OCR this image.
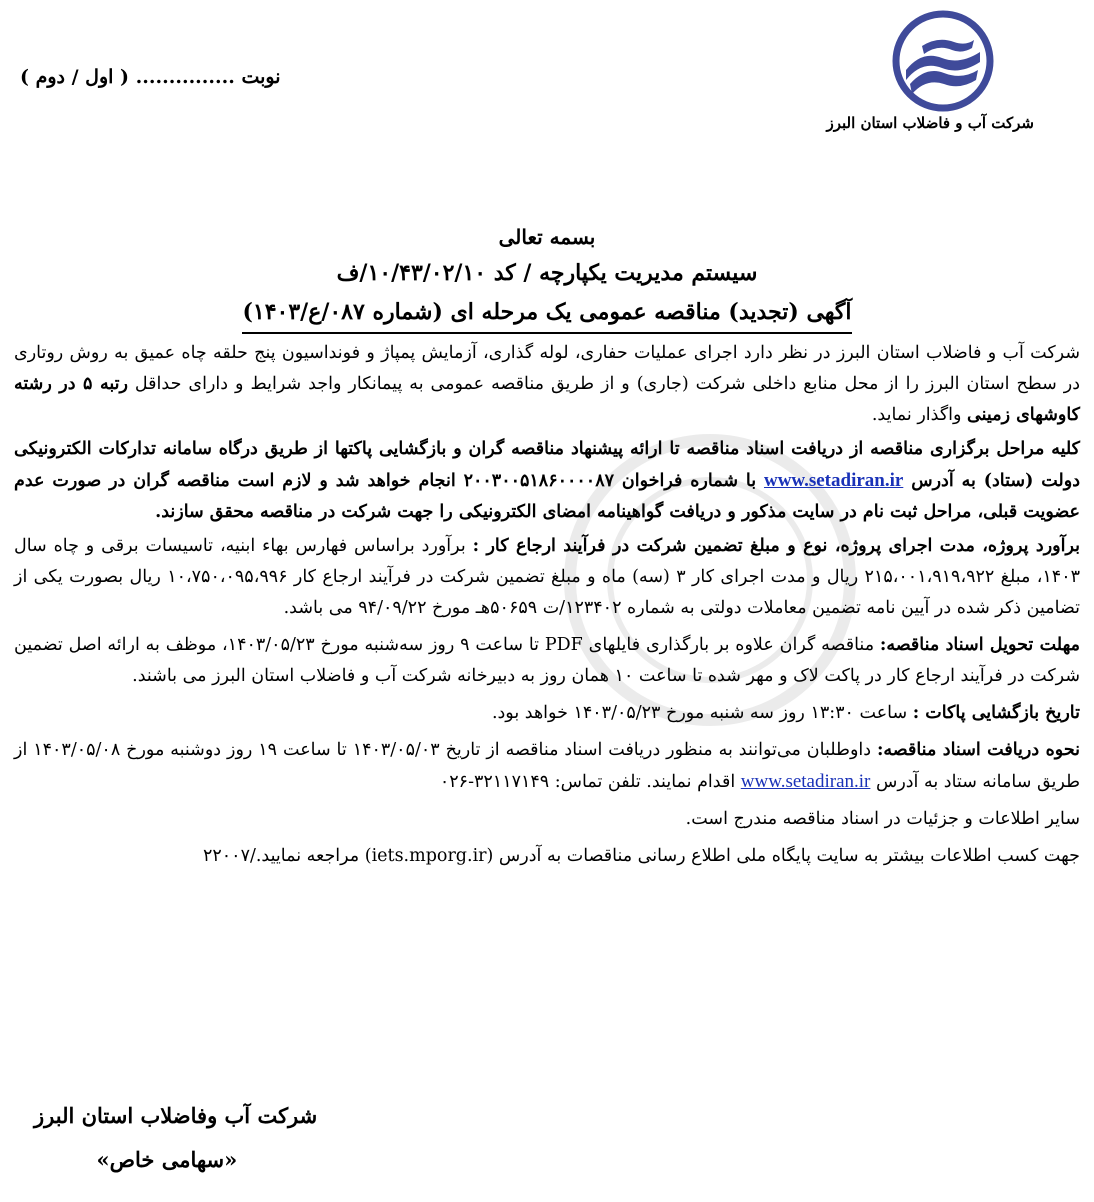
شرکت آب و فاضلاب استان البرز
نوبت ............... ( اول / دوم )
بسمه تعالی
سیستم مدیریت یکپارچه / کد ۱۰/۴۳/۰۲/۱۰/ف
آگهی (تجدید) مناقصه عمومی یک مرحله ای (شماره ۰۸۷/ع/۱۴۰۳)

شرکت آب و فاضلاب استان البرز در نظر دارد اجرای عملیات حفاری، لوله گذاری، آزمایش پمپاژ و فونداسیون پنج حلقه چاه عمیق به روش روتاری در سطح استان البرز را از محل منابع داخلی شرکت (جاری) و از طریق مناقصه عمومی به پیمانکار واجد شرایط و دارای حداقل رتبه ۵ در رشته کاوشهای زمینی واگذار نماید.

کلیه مراحل برگزاری مناقصه از دریافت اسناد مناقصه تا ارائه پیشنهاد مناقصه گران و بازگشایی پاکتها از طریق درگاه سامانه تدارکات الکترونیکی دولت (ستاد) به آدرس www.setadiran.ir با شماره فراخوان ۲۰۰۳۰۰۵۱۸۶۰۰۰۰۸۷ انجام خواهد شد و لازم است مناقصه گران در صورت عدم عضویت قبلی، مراحل ثبت نام در سایت مذکور و دریافت گواهینامه امضای الکترونیکی را جهت شرکت در مناقصه محقق سازند.

برآورد پروژه، مدت اجرای پروژه، نوع و مبلغ تضمین شرکت در فرآیند ارجاع کار : برآورد براساس فهارس بهاء ابنیه، تاسیسات برقی و چاه سال ۱۴۰۳، مبلغ ۲۱۵،۰۰۱،۹۱۹،۹۲۲ ریال و مدت اجرای کار ۳ (سه) ماه و مبلغ تضمین شرکت در فرآیند ارجاع کار ۱۰،۷۵۰،۰۹۵،۹۹۶ ریال بصورت یکی از تضامین ذکر شده در آیین نامه تضمین معاملات دولتی به شماره ۱۲۳۴۰۲/ت ۵۰۶۵۹هـ مورخ ۹۴/۰۹/۲۲ می باشد.

مهلت تحویل اسناد مناقصه: مناقصه گران علاوه بر بارگذاری فایلهای PDF تا ساعت ۹ روز سه‌شنبه مورخ ۱۴۰۳/۰۵/۲۳، موظف به ارائه اصل تضمین شرکت در فرآیند ارجاع کار در پاکت لاک و مهر شده تا ساعت ۱۰ همان روز به دبیرخانه شرکت آب و فاضلاب استان البرز می باشند.

تاریخ بازگشایی پاکات : ساعت ۱۳:۳۰ روز سه شنبه مورخ ۱۴۰۳/۰۵/۲۳ خواهد بود.

نحوه دریافت اسناد مناقصه: داوطلبان می‌توانند به منظور دریافت اسناد مناقصه از تاریخ ۱۴۰۳/۰۵/۰۳ تا ساعت ۱۹ روز دوشنبه مورخ ۱۴۰۳/۰۵/۰۸ از طریق سامانه ستاد به آدرس www.setadiran.ir اقدام نمایند. تلفن تماس: ۳۲۱۱۷۱۴۹-۰۲۶

سایر اطلاعات و جزئیات در اسناد مناقصه مندرج است.

جهت کسب اطلاعات بیشتر به سایت پایگاه ملی اطلاع رسانی مناقصات به آدرس (iets.mporg.ir) مراجعه نمایید./۲۲۰۰۷

شرکت آب وفاضلاب استان البرز
«سهامی خاص»
